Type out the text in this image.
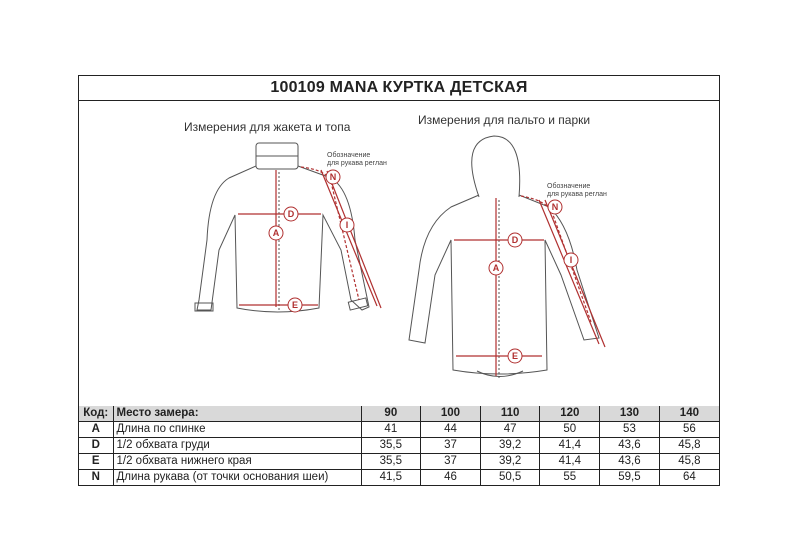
100109 MANA КУРТКА ДЕТСКАЯ
Измерения для жакета и топа	Измерения для пальто и парки
A
D
E
N
I
Обозначение
для рукава реглан
A
D
E
N
I
Обозначение
для рукава реглан
Код:	Место замера:	90	100	110	120	130	140
A	Длина по спинке	41	44	47	50	53	56
D	1/2 обхвата груди	35,5	37	39,2	41,4	43,6	45,8
E	1/2 обхвата нижнего края	35,5	37	39,2	41,4	43,6	45,8
N	Длина рукава (от точки основания шеи)	41,5	46	50,5	55	59,5	64
